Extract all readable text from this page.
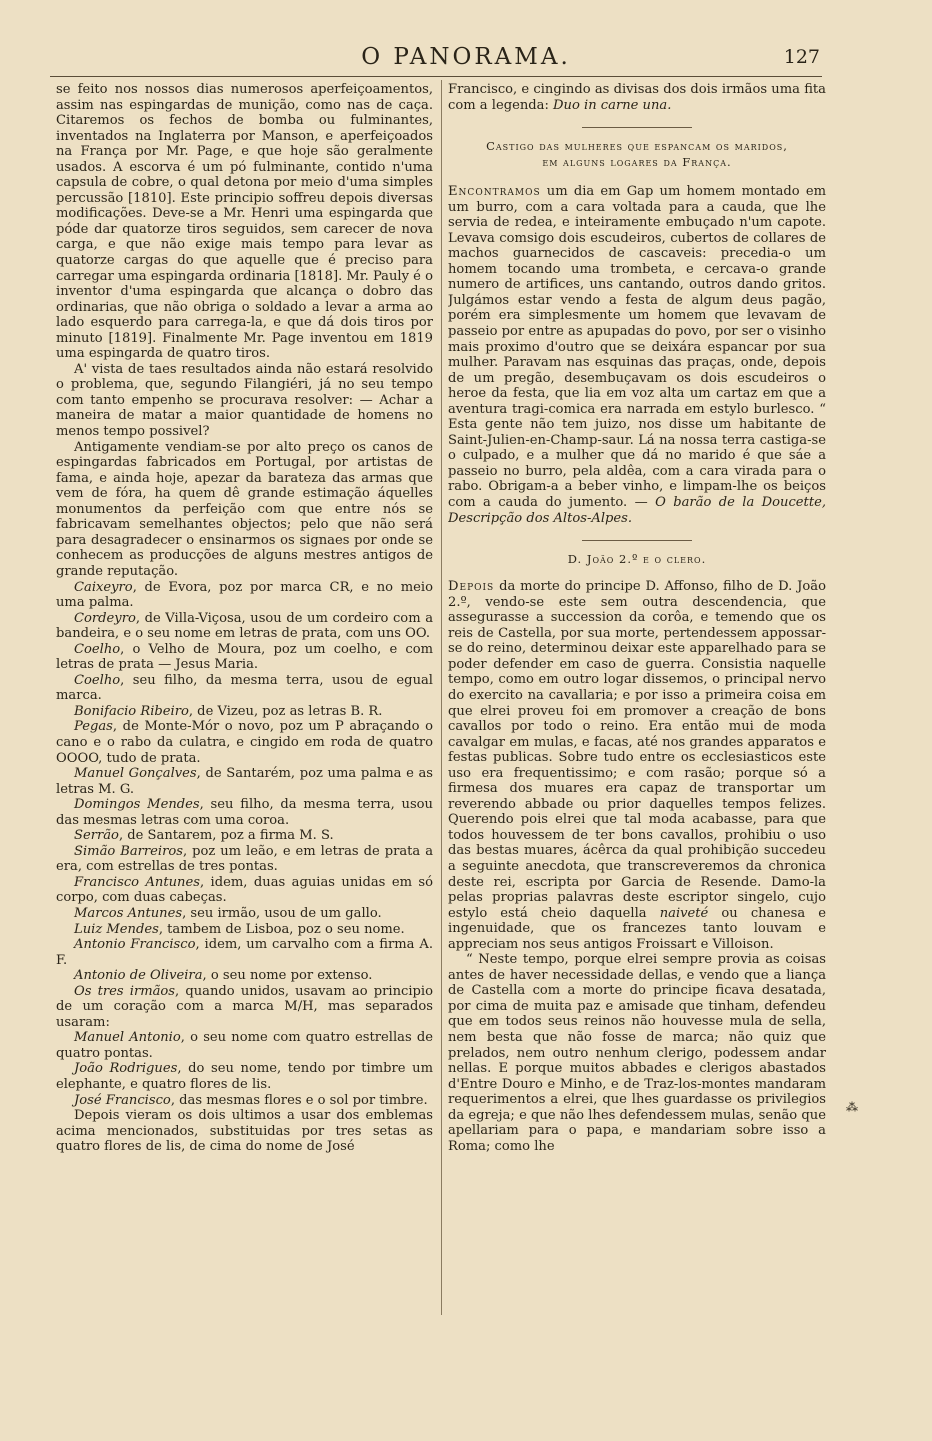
O PANORAMA.	127

se feito nos nossos dias numerosos aperfeiçoamentos, assim nas espingardas de munição, como nas de caça. Citaremos os fechos de bomba ou fulminantes, inventados na Inglaterra por Manson, e aperfeiçoados na França por Mr. Page, e que hoje são geralmente usados. A escorva é um pó fulminante, contido n'uma capsula de cobre, o qual detona por meio d'uma simples percussão [1810]. Este principio soffreu depois diversas modificações. Deve-se a Mr. Henri uma espingarda que póde dar quatorze tiros seguidos, sem carecer de nova carga, e que não exige mais tempo para levar as quatorze cargas do que aquelle que é preciso para carregar uma espingarda ordinaria [1818]. Mr. Pauly é o inventor d'uma espingarda que alcança o dobro das ordinarias, que não obriga o soldado a levar a arma ao lado esquerdo para carrega-la, e que dá dois tiros por minuto [1819]. Finalmente Mr. Page inventou em 1819 uma espingarda de quatro tiros.

A' vista de taes resultados ainda não estará resolvido o problema, que, segundo Filangiéri, já no seu tempo com tanto empenho se procurava resolver: — Achar a maneira de matar a maior quantidade de homens no menos tempo possivel?

Antigamente vendiam-se por alto preço os canos de espingardas fabricados em Portugal, por artistas de fama, e ainda hoje, apezar da barateza das armas que vem de fóra, ha quem dê grande estimação áquelles monumentos da perfeição com que entre nós se fabricavam semelhantes objectos; pelo que não será para desagradecer o ensinarmos os signaes por onde se conhecem as producções de alguns mestres antigos de grande reputação.

Caixeyro, de Evora, poz por marca CR, e no meio uma palma.

Cordeyro, de Villa-Viçosa, usou de um cordeiro com a bandeira, e o seu nome em letras de prata, com uns OO.

Coelho, o Velho de Moura, poz um coelho, e com letras de prata — Jesus Maria.

Coelho, seu filho, da mesma terra, usou de egual marca.

Bonifacio Ribeiro, de Vizeu, poz as letras B. R.

Pegas, de Monte-Mór o novo, poz um P abraçando o cano e o rabo da culatra, e cingido em roda de quatro OOOO, tudo de prata.

Manuel Gonçalves, de Santarém, poz uma palma e as letras M. G.

Domingos Mendes, seu filho, da mesma terra, usou das mesmas letras com uma coroa.

Serrão, de Santarem, poz a firma M. S.

Simão Barreiros, poz um leão, e em letras de prata a era, com estrellas de tres pontas.

Francisco Antunes, idem, duas aguias unidas em só corpo, com duas cabeças.

Marcos Antunes, seu irmão, usou de um gallo.

Luiz Mendes, tambem de Lisboa, poz o seu nome.

Antonio Francisco, idem, um carvalho com a firma A. F.

Antonio de Oliveira, o seu nome por extenso.

Os tres irmãos, quando unidos, usavam ao principio de um coração com a marca M/H, mas separados usaram:

Manuel Antonio, o seu nome com quatro estrellas de quatro pontas.

João Rodrigues, do seu nome, tendo por timbre um elephante, e quatro flores de lis.

José Francisco, das mesmas flores e o sol por timbre.

Depois vieram os dois ultimos a usar dos emblemas acima mencionados, substituidas por tres setas as quatro flores de lis, de cima do nome de José

Francisco, e cingindo as divisas dos dois irmãos uma fita com a legenda: Duo in carne una.

Castigo das mulheres que espancam os maridos,

em alguns logares da França.

Encontramos um dia em Gap um homem montado em um burro, com a cara voltada para a cauda, que lhe servia de redea, e inteiramente embuçado n'um capote. Levava comsigo dois escudeiros, cubertos de collares de machos guarnecidos de cascaveis: precedia-o um homem tocando uma trombeta, e cercava-o grande numero de artifices, uns cantando, outros dando gritos. Julgámos estar vendo a festa de algum deus pagão, porém era simplesmente um homem que levavam de passeio por entre as apupadas do povo, por ser o visinho mais proximo d'outro que se deixára espancar por sua mulher. Paravam nas esquinas das praças, onde, depois de um pregão, desembuçavam os dois escudeiros o heroe da festa, que lia em voz alta um cartaz em que a aventura tragi-comica era narrada em estylo burlesco. “ Esta gente não tem juizo, nos disse um habitante de Saint-Julien-en-Champ-saur. Lá na nossa terra castiga-se o culpado, e a mulher que dá no marido é que sáe a passeio no burro, pela aldêa, com a cara virada para o rabo. Obrigam-a a beber vinho, e limpam-lhe os beiços com a cauda do jumento. — O barão de la Doucette, Descripção dos Altos-Alpes.

D. João 2.º e o clero.

Depois da morte do principe D. Affonso, filho de D. João 2.º, vendo-se este sem outra descendencia, que assegurasse a succession da corôa, e temendo que os reis de Castella, por sua morte, pertendessem appossar-se do reino, determinou deixar este apparelhado para se poder defender em caso de guerra. Consistia naquelle tempo, como em outro logar dissemos, o principal nervo do exercito na cavallaria; e por isso a primeira coisa em que elrei proveu foi em promover a creação de bons cavallos por todo o reino. Era então mui de moda cavalgar em mulas, e facas, até nos grandes apparatos e festas publicas. Sobre tudo entre os ecclesiasticos este uso era frequentissimo; e com rasão; porque só a firmesa dos muares era capaz de transportar um reverendo abbade ou prior daquelles tempos felizes. Querendo pois elrei que tal moda acabasse, para que todos houvessem de ter bons cavallos, prohibiu o uso das bestas muares, ácêrca da qual prohibição succedeu a seguinte anecdota, que transcreveremos da chronica deste rei, escripta por Garcia de Resende. Damo-la pelas proprias palavras deste escriptor singelo, cujo estylo está cheio daquella naiveté ou chanesa e ingenuidade, que os francezes tanto louvam e appreciam nos seus antigos Froissart e Villoison.

“ Neste tempo, porque elrei sempre provia as coisas antes de haver necessidade dellas, e vendo que a liança de Castella com a morte do principe ficava desatada, por cima de muita paz e amisade que tinham, defendeu que em todos seus reinos não houvesse mula de sella, nem besta que não fosse de marca; não quiz que prelados, nem outro nenhum clerigo, podessem andar nellas. E porque muitos abbades e clerigos abastados d'Entre Douro e Minho, e de Traz-los-montes mandaram requerimentos a elrei, que lhes guardasse os privilegios da egreja; e que não lhes defendessem mulas, senão que apellariam para o papa, e mandariam sobre isso a Roma; como lhe

⁂
